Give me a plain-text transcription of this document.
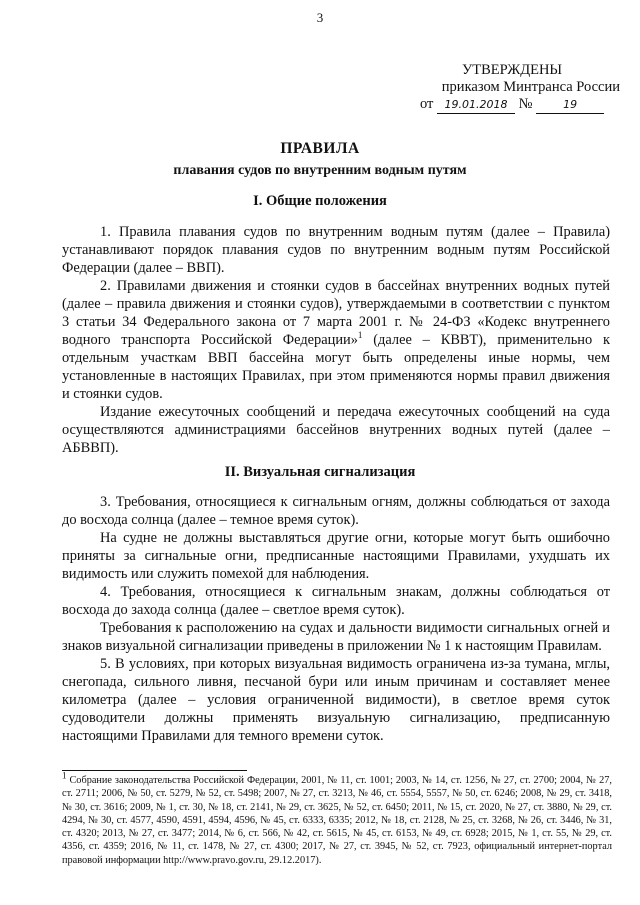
3
УТВЕРЖДЕНЫ
приказом Минтранса России
от 19.01.2018 №	19
ПРАВИЛА
плавания судов по внутренним водным путям
I. Общие положения

1. Правила плавания судов по внутренним водным путям (далее – Правила) устанавливают порядок плавания судов по внутренним водным путям Российской Федерации (далее – ВВП).

2. Правилами движения и стоянки судов в бассейнах внутренних водных путей (далее – правила движения и стоянки судов), утверждаемыми в соответствии с пунктом 3 статьи 34 Федерального закона от 7 марта 2001 г. № 24-ФЗ «Кодекс внутреннего водного транспорта Российской Федерации»$^1$ (далее – КВВТ), применительно к отдельным участкам ВВП бассейна могут быть определены иные нормы, чем установленные в настоящих Правилах, при этом применяются нормы правил движения и стоянки судов.

Издание ежесуточных сообщений и передача ежесуточных сообщений на суда осуществляются администрациями бассейнов внутренних водных путей (далее – АБВВП).

II. Визуальная сигнализация

3. Требования, относящиеся к сигнальным огням, должны соблюдаться от захода до восхода солнца (далее – темное время суток).

На судне не должны выставляться другие огни, которые могут быть ошибочно приняты за сигнальные огни, предписанные настоящими Правилами, ухудшать их видимость или служить помехой для наблюдения.

4. Требования, относящиеся к сигнальным знакам, должны соблюдаться от восхода до захода солнца (далее – светлое время суток).

Требования к расположению на судах и дальности видимости сигнальных огней и знаков визуальной сигнализации приведены в приложении № 1 к настоящим Правилам.

5. В условиях, при которых визуальная видимость ограничена из-за тумана, мглы, снегопада, сильного ливня, песчаной бури или иным причинам и составляет менее километра (далее – условия ограниченной видимости), в светлое время суток судоводители должны применять визуальную сигнализацию, предписанную настоящими Правилами для темного времени суток.

1 Собрание законодательства Российской Федерации, 2001, № 11, ст. 1001; 2003, № 14, ст. 1256, № 27, ст. 2700; 2004, № 27, ст. 2711; 2006, № 50, ст. 5279, № 52, ст. 5498; 2007, № 27, ст. 3213, № 46, ст. 5554, 5557, № 50, ст. 6246; 2008, № 29, ст. 3418, № 30, ст. 3616; 2009, № 1, ст. 30, № 18, ст. 2141, № 29, ст. 3625, № 52, ст. 6450; 2011, № 15, ст. 2020, № 27, ст. 3880, № 29, ст. 4294, № 30, ст. 4577, 4590, 4591, 4594, 4596, № 45, ст. 6333, 6335; 2012, № 18, ст. 2128, № 25, ст. 3268, № 26, ст. 3446, № 31, ст. 4320; 2013, № 27, ст. 3477; 2014, № 6, ст. 566, № 42, ст. 5615, № 45, ст. 6153, № 49, ст. 6928; 2015, № 1, ст. 55, № 29, ст. 4356, ст. 4359; 2016, № 11, ст. 1478, № 27, ст. 4300; 2017, № 27, ст. 3945, № 52, ст. 7923, официальный интернет-портал правовой информации http://www.pravo.gov.ru, 29.12.2017).
